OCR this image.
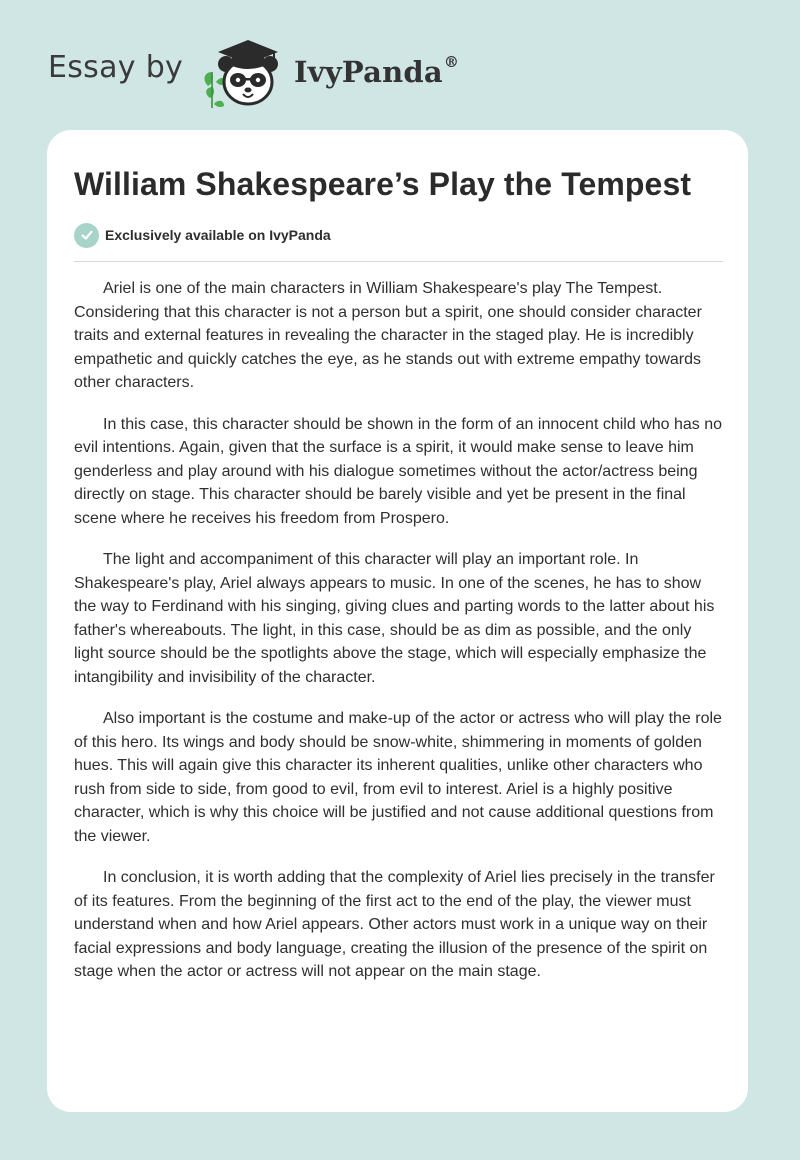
Essay by	IvyPanda®
William Shakespeare’s Play the Tempest
Exclusively available on IvyPanda

Ariel is one of the main characters in William Shakespeare's play The Tempest. Considering that this character is not a person but a spirit, one should consider character traits and external features in revealing the character in the staged play. He is incredibly empathetic and quickly catches the eye, as he stands out with extreme empathy towards other characters.

In this case, this character should be shown in the form of an innocent child who has no evil intentions. Again, given that the surface is a spirit, it would make sense to leave him genderless and play around with his dialogue sometimes without the actor/actress being directly on stage. This character should be barely visible and yet be present in the final scene where he receives his freedom from Prospero.

The light and accompaniment of this character will play an important role. In Shakespeare's play, Ariel always appears to music. In one of the scenes, he has to show the way to Ferdinand with his singing, giving clues and parting words to the latter about his father's whereabouts. The light, in this case, should be as dim as possible, and the only light source should be the spotlights above the stage, which will especially emphasize the intangibility and invisibility of the character.

Also important is the costume and make-up of the actor or actress who will play the role of this hero. Its wings and body should be snow-white, shimmering in moments of golden hues. This will again give this character its inherent qualities, unlike other characters who rush from side to side, from good to evil, from evil to interest. Ariel is a highly positive character, which is why this choice will be justified and not cause additional questions from the viewer.

In conclusion, it is worth adding that the complexity of Ariel lies precisely in the transfer of its features. From the beginning of the first act to the end of the play, the viewer must understand when and how Ariel appears. Other actors must work in a unique way on their facial expressions and body language, creating the illusion of the presence of the spirit on stage when the actor or actress will not appear on the main stage.
